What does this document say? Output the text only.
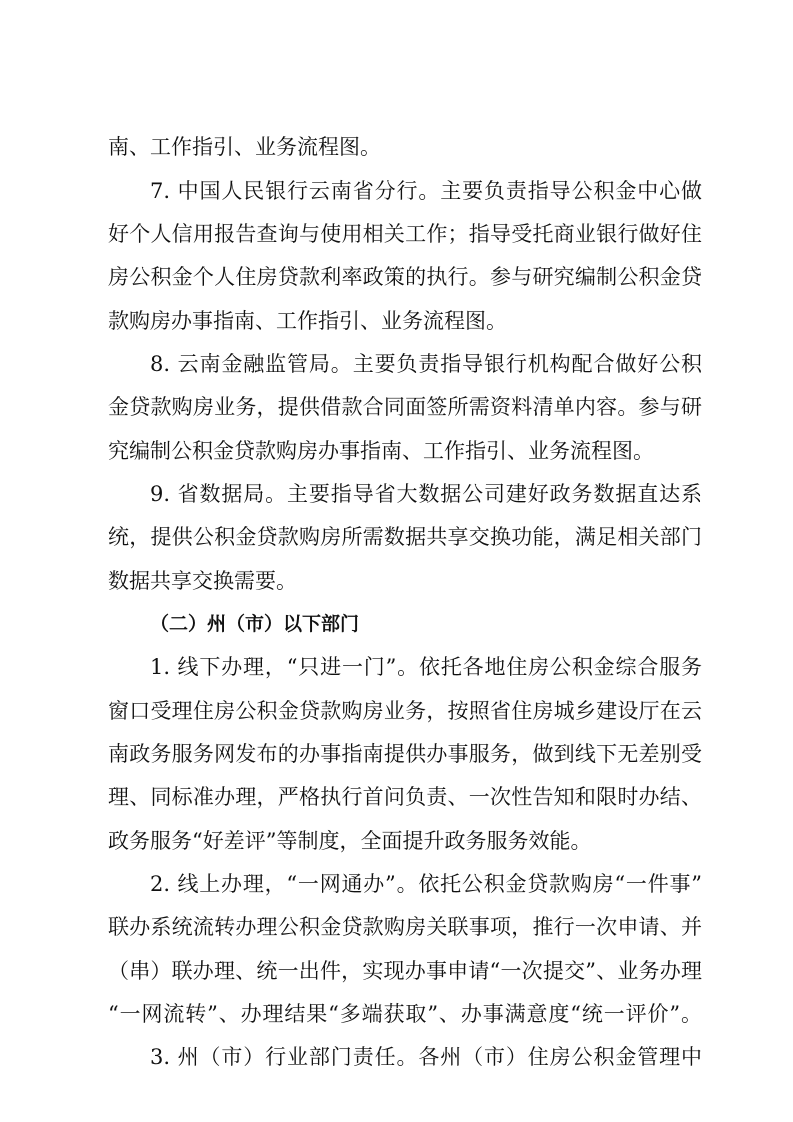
南、工作指引、业务流程图。
7. 中国人民银行云南省分行。主要负责指导公积金中心做
好个人信用报告查询与使用相关工作；指导受托商业银行做好住
房公积金个人住房贷款利率政策的执行。参与研究编制公积金贷
款购房办事指南、工作指引、业务流程图。
8. 云南金融监管局。主要负责指导银行机构配合做好公积
金贷款购房业务，提供借款合同面签所需资料清单内容。参与研
究编制公积金贷款购房办事指南、工作指引、业务流程图。
9. 省数据局。主要指导省大数据公司建好政务数据直达系
统，提供公积金贷款购房所需数据共享交换功能，满足相关部门
数据共享交换需要。
（二）州（市）以下部门
1. 线下办理，“只进一门”。依托各地住房公积金综合服务
窗口受理住房公积金贷款购房业务，按照省住房城乡建设厅在云
南政务服务网发布的办事指南提供办事服务，做到线下无差别受
理、同标准办理，严格执行首问负责、一次性告知和限时办结、
政务服务“好差评”等制度，全面提升政务服务效能。
2. 线上办理，“一网通办”。依托公积金贷款购房“一件事”
联办系统流转办理公积金贷款购房关联事项，推行一次申请、并
（串）联办理、统一出件，实现办事申请“一次提交”、业务办理
“一网流转”、办理结果“多端获取”、办事满意度“统一评价”。
3. 州（市）行业部门责任。各州（市）住房公积金管理中
